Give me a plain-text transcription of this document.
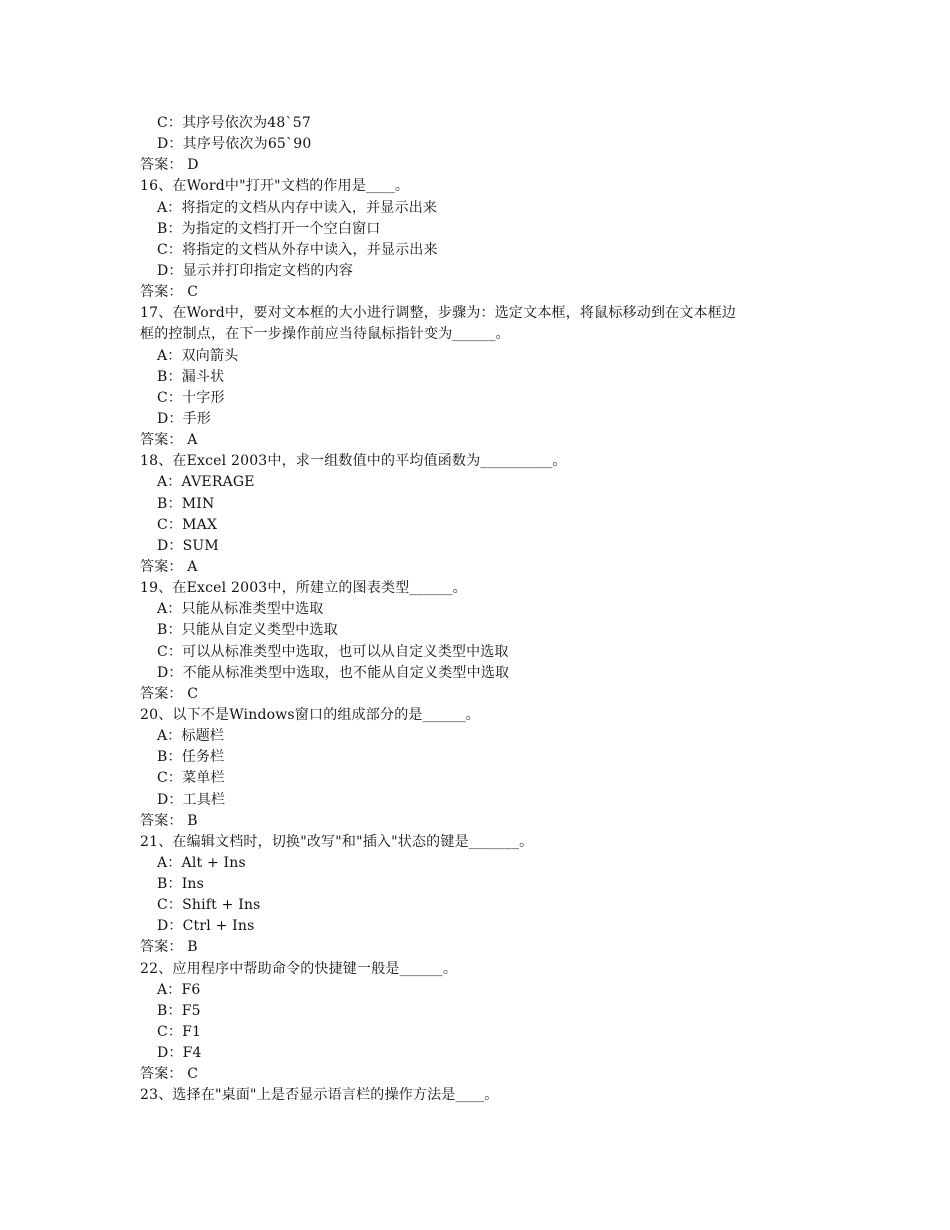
C：其序号依次为48`57
D：其序号依次为65`90
答案： D
16、在Word中"打开"文档的作用是____。
A：将指定的文档从内存中读入，并显示出来
B：为指定的文档打开一个空白窗口
C：将指定的文档从外存中读入，并显示出来
D：显示并打印指定文档的内容
答案： C
17、在Word中，要对文本框的大小进行调整，步骤为：选定文本框，将鼠标移动到在文本框边
框的控制点，在下一步操作前应当待鼠标指针变为______。
A：双向箭头
B：漏斗状
C：十字形
D：手形
答案： A
18、在Excel 2003中，求一组数值中的平均值函数为__________。
A：AVERAGE
B：MIN
C：MAX
D：SUM
答案： A
19、在Excel 2003中，所建立的图表类型______。
A：只能从标准类型中选取
B：只能从自定义类型中选取
C：可以从标准类型中选取，也可以从自定义类型中选取
D：不能从标准类型中选取，也不能从自定义类型中选取
答案： C
20、以下不是Windows窗口的组成部分的是______。
A：标题栏
B：任务栏
C：菜单栏
D：工具栏
答案： B
21、在编辑文档时，切换"改写"和"插入"状态的键是_______。
A：Alt + Ins
B：Ins
C：Shift + Ins
D：Ctrl + Ins
答案： B
22、应用程序中帮助命令的快捷键一般是______。
A：F6
B：F5
C：F1
D：F4
答案： C
23、选择在"桌面"上是否显示语言栏的操作方法是____。
